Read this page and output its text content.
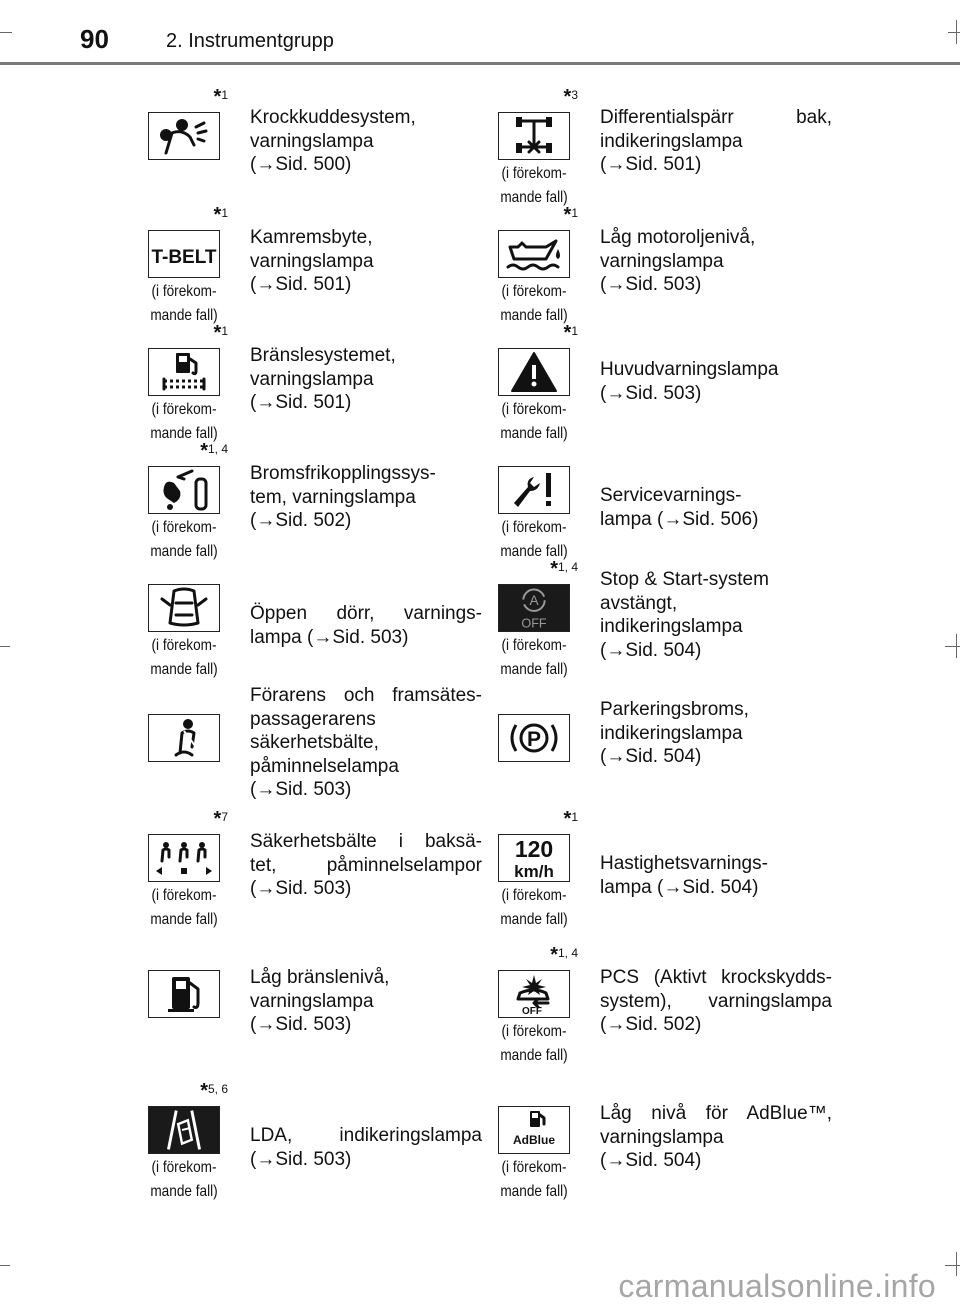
90	2. Instrumentgrupp
*1
Krockkuddesystem,
varningslampa
(→Sid. 500)
*3
(i förekom-
mande fall)
Differentialspärr bak,
indikeringslampa
(→Sid. 501)
*1
T-BELT
(i förekom-
mande fall)
Kamremsbyte,
varningslampa
(→Sid. 501)
*1
(i förekom-
mande fall)
Låg motoroljenivå,
varningslampa
(→Sid. 503)
*1
(i förekom-
mande fall)
Bränslesystemet,
varningslampa
(→Sid. 501)
*1
(i förekom-
mande fall)
Huvudvarningslampa
(→Sid. 503)
*1, 4
(i förekom-
mande fall)
Bromsfrikopplingssys-
tem, varningslampa
(→Sid. 502)	(i förekom-
mande fall)
Servicevarnings-
lampa (→Sid. 506)
(i förekom-
mande fall)
Öppen dörr, varnings-
lampa (→Sid. 503)
*1, 4
A
OFF
(i förekom-
mande fall)
Stop & Start-system
avstängt,
indikeringslampa
(→Sid. 504)
Förarens och framsätes-
passagerarens
säkerhetsbälte,
påminnelselampa
(→Sid. 503)
P
Parkeringsbroms,
indikeringslampa
(→Sid. 504)
*7
(i förekom-
mande fall)
Säkerhetsbälte i baksä-
tet, påminnelselampor
(→Sid. 503)
*1
120
km/h
(i förekom-
mande fall)
Hastighetsvarnings-
lampa (→Sid. 504)
Låg bränslenivå,
varningslampa
(→Sid. 503)
*1, 4
OFF
(i förekom-
mande fall)
PCS (Aktivt krockskydds-
system), varningslampa
(→Sid. 502)
*5, 6
(i förekom-
mande fall)
LDA, indikeringslampa
(→Sid. 503)
AdBlue
(i förekom-
mande fall)
Låg nivå för AdBlue™,
varningslampa
(→Sid. 504)
carmanualsonline.info
